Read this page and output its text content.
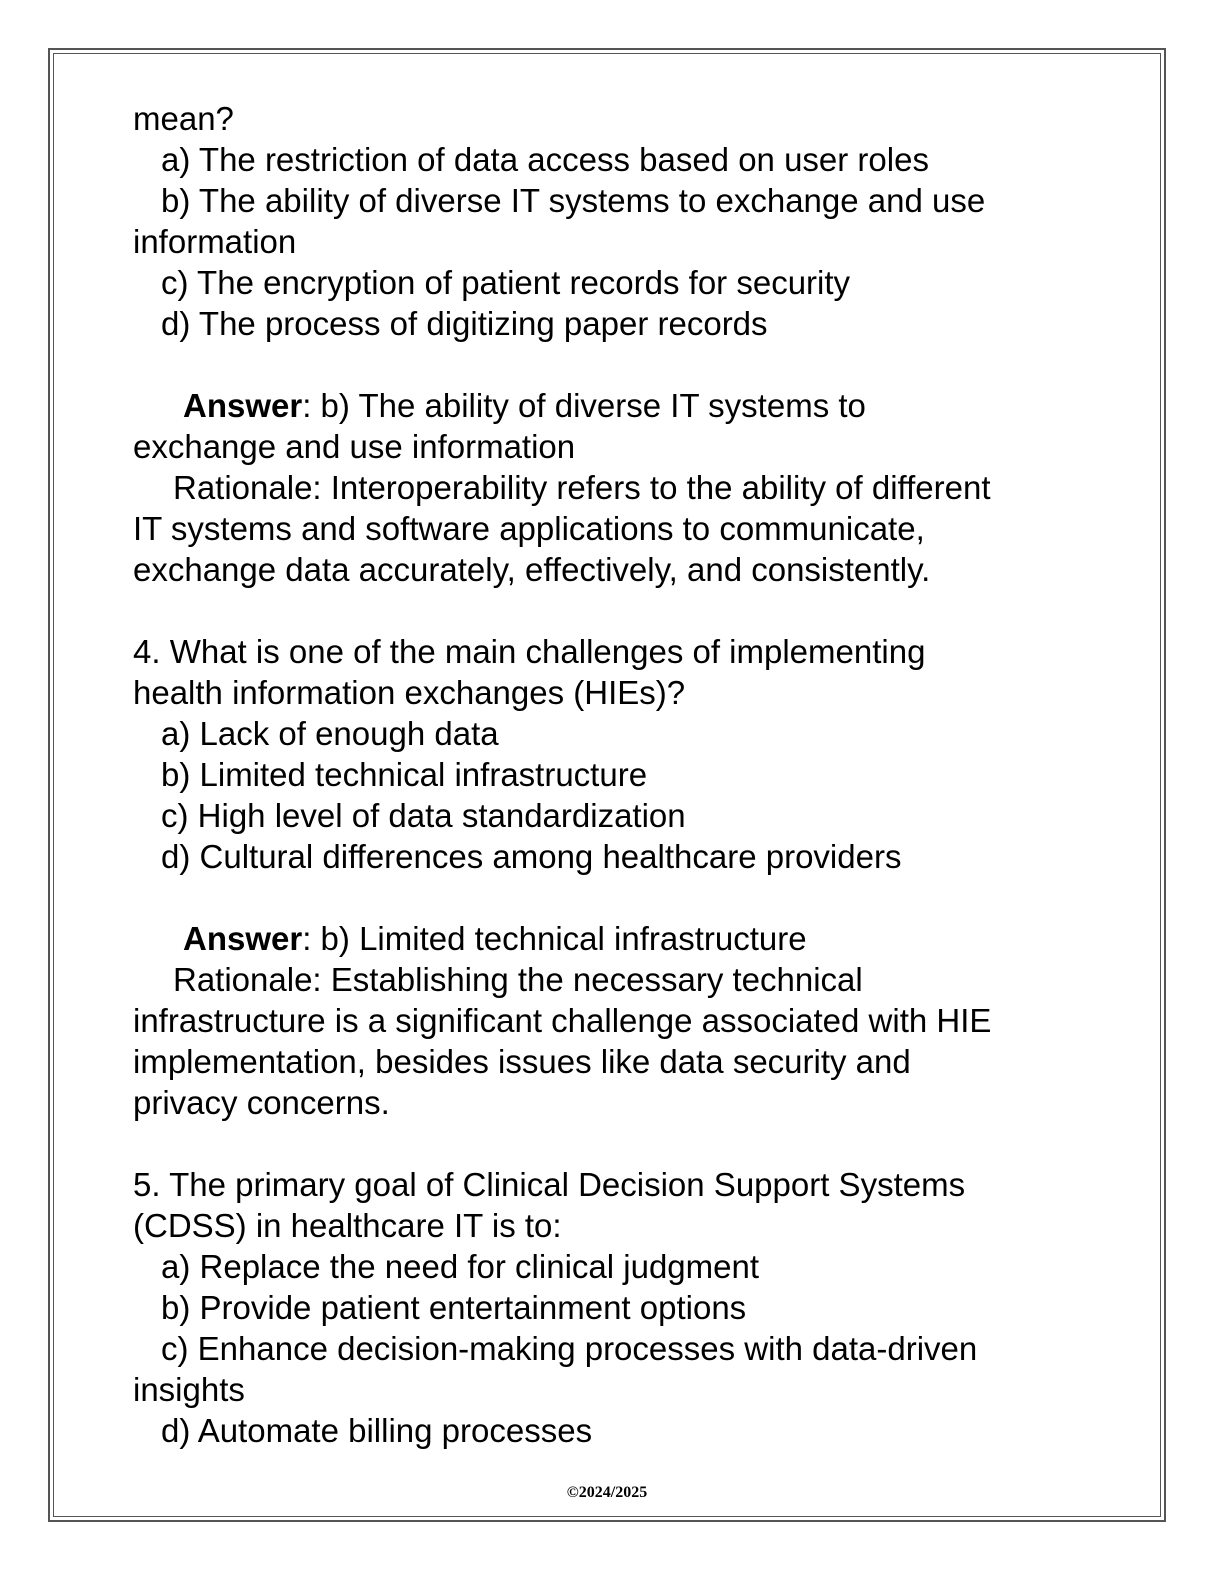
mean?
a) The restriction of data access based on user roles
b) The ability of diverse IT systems to exchange and use
information
c) The encryption of patient records for security
d) The process of digitizing paper records
Answer: b) The ability of diverse IT systems to
exchange and use information
Rationale: Interoperability refers to the ability of different
IT systems and software applications to communicate,
exchange data accurately, effectively, and consistently.
4. What is one of the main challenges of implementing
health information exchanges (HIEs)?
a) Lack of enough data
b) Limited technical infrastructure
c) High level of data standardization
d) Cultural differences among healthcare providers
Answer: b) Limited technical infrastructure
Rationale: Establishing the necessary technical
infrastructure is a significant challenge associated with HIE
implementation, besides issues like data security and
privacy concerns.
5. The primary goal of Clinical Decision Support Systems
(CDSS) in healthcare IT is to:
a) Replace the need for clinical judgment
b) Provide patient entertainment options
c) Enhance decision-making processes with data-driven
insights
d) Automate billing processes
©2024/2025
